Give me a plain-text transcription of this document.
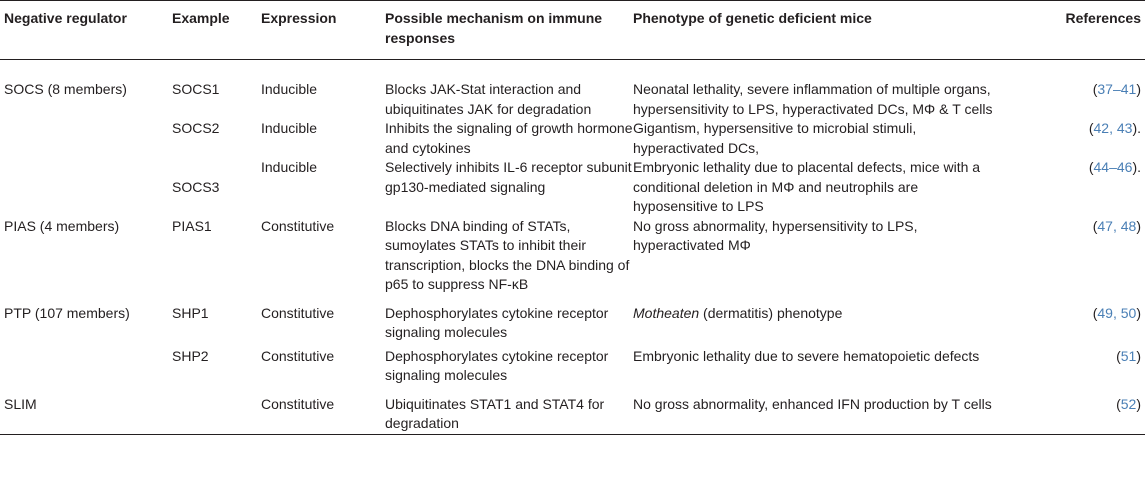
Negative regulator	Example	Expression	Possible mechanism on immune responses	Phenotype of genetic deficient mice	References
SOCS (8 members)	SOCS1	Inducible	Blocks JAK-Stat interaction and ubiquitinates JAK for degradation	Neonatal lethality, severe inflammation of multiple organs, hypersensitivity to LPS, hyperactivated DCs, MΦ & T cells	(37–41)
	SOCS2	Inducible	Inhibits the signaling of growth hormone and cytokines	Gigantism, hypersensitive to microbial stimuli, hyperactivated DCs,	(42, 43).
	SOCS3	Inducible	Selectively inhibits IL-6 receptor subunit gp130-mediated signaling	Embryonic lethality due to placental defects, mice with a conditional deletion in MΦ and neutrophils are hyposensitive to LPS	(44–46).
PIAS (4 members)	PIAS1	Constitutive	Blocks DNA binding of STATs, sumoylates STATs to inhibit their transcription, blocks the DNA binding of p65 to suppress NF-κB	No gross abnormality, hypersensitivity to LPS, hyperactivated MΦ	(47, 48)
PTP (107 members)	SHP1	Constitutive	Dephosphorylates cytokine receptor signaling molecules	Motheaten (dermatitis) phenotype	(49, 50)
	SHP2	Constitutive	Dephosphorylates cytokine receptor signaling molecules	Embryonic lethality due to severe hematopoietic defects	(51)
SLIM		Constitutive	Ubiquitinates STAT1 and STAT4 for degradation	No gross abnormality, enhanced IFN production by T cells	(52)
